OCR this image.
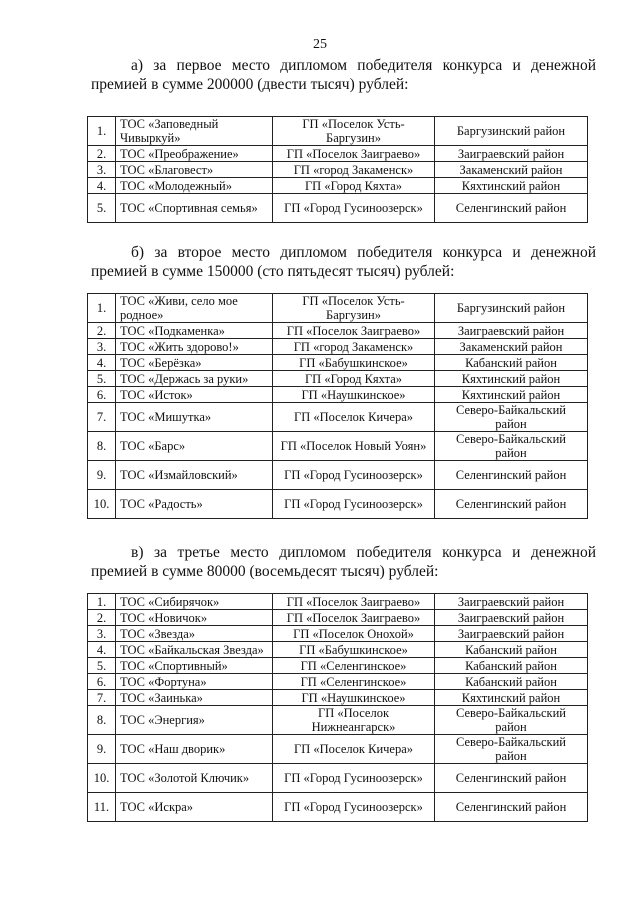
25

а) за первое место дипломом победителя конкурса и денежной премией в сумме 200000 (двести тысяч) рублей:

1.	ТОС «Заповедный Чивыркуй»	ГП «Поселок Усть-Баргузин»	Баргузинский район
2.	ТОС «Преображение»	ГП «Поселок Заиграево»	Заиграевский район
3.	ТОС «Благовест»	ГП «город Закаменск»	Закаменский район
4.	ТОС «Молодежный»	ГП «Город Кяхта»	Кяхтинский район
5.	ТОС «Спортивная семья»	ГП «Город Гусиноозерск»	Селенгинский район

б) за второе место дипломом победителя конкурса и денежной премией в сумме 150000 (сто пятьдесят тысяч) рублей:

1.	ТОС «Живи, село мое родное»	ГП «Поселок Усть-Баргузин»	Баргузинский район
2.	ТОС «Подкаменка»	ГП «Поселок Заиграево»	Заиграевский район
3.	ТОС «Жить здорово!»	ГП «город Закаменск»	Закаменский район
4.	ТОС «Берёзка»	ГП «Бабушкинское»	Кабанский район
5.	ТОС «Держась за руки»	ГП «Город Кяхта»	Кяхтинский район
6.	ТОС «Исток»	ГП «Наушкинское»	Кяхтинский район
7.	ТОС «Мишутка»	ГП «Поселок Кичера»	Северо-Байкальский район
8.	ТОС «Барс»	ГП «Поселок Новый Уоян»	Северо-Байкальский район
9.	ТОС «Измайловский»	ГП «Город Гусиноозерск»	Селенгинский район
10.	ТОС «Радость»	ГП «Город Гусиноозерск»	Селенгинский район

в) за третье место дипломом победителя конкурса и денежной премией в сумме 80000 (восемьдесят тысяч) рублей:

1.	ТОС «Сибирячок»	ГП «Поселок Заиграево»	Заиграевский район
2.	ТОС «Новичок»	ГП «Поселок Заиграево»	Заиграевский район
3.	ТОС «Звезда»	ГП «Поселок Онохой»	Заиграевский район
4.	ТОС «Байкальская Звезда»	ГП «Бабушкинское»	Кабанский район
5.	ТОС «Спортивный»	ГП «Селенгинское»	Кабанский район
6.	ТОС «Фортуна»	ГП «Селенгинское»	Кабанский район
7.	ТОС «Заинька»	ГП «Наушкинское»	Кяхтинский район
8.	ТОС «Энергия»	ГП «Поселок Нижнеангарск»	Северо-Байкальский район
9.	ТОС «Наш дворик»	ГП «Поселок Кичера»	Северо-Байкальский район
10.	ТОС «Золотой Ключик»	ГП «Город Гусиноозерск»	Селенгинский район
11.	ТОС «Искра»	ГП «Город Гусиноозерск»	Селенгинский район
